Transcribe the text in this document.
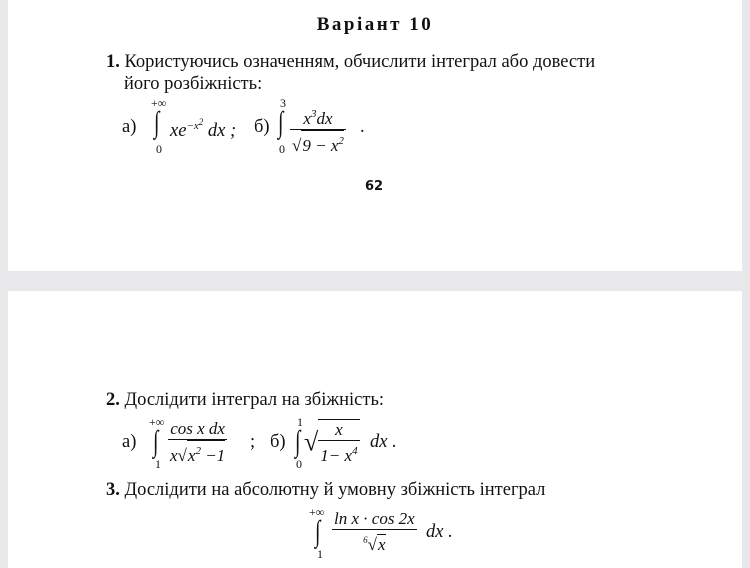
Варіант 10
1. Користуючись означенням, обчислити інтеграл або довести
його розбіжність:
а)
+∞
∫
0
$xe^{-x^2}$ dx ; б)
3
∫
$0 \frac{x^3dx}{√9 - x^2}$ .
62
2. Дослідити інтеграл на збіжність:
а)
+∞
∫
$1 \frac{\text{cos x dx}}{x√x^2 -1}$ ; б)
1
∫
0
√ $\frac{x}{1- x^4}$ dx .
3. Дослідити на абсолютну й умовну збіжність інтеграл
+∞
∫
$1 \frac{\text{ln x · cos 2x}}{^6√x}$ dx .
